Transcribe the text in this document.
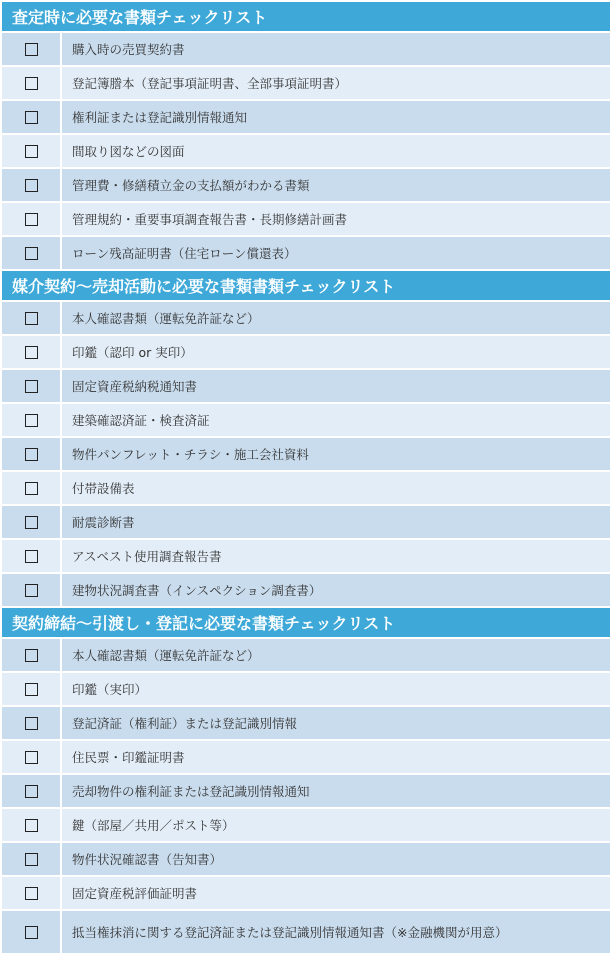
査定時に必要な書類チェックリスト
購入時の売買契約書
登記簿謄本（登記事項証明書、全部事項証明書）
権利証または登記識別情報通知
間取り図などの図面
管理費・修繕積立金の支払額がわかる書類
管理規約・重要事項調査報告書・長期修繕計画書
ローン残高証明書（住宅ローン償還表）
媒介契約～売却活動に必要な書類書類チェックリスト
本人確認書類（運転免許証など）
印鑑（認印 or 実印）
固定資産税納税通知書
建築確認済証・検査済証
物件パンフレット・チラシ・施工会社資料
付帯設備表
耐震診断書
アスベスト使用調査報告書
建物状況調査書（インスペクション調査書）
契約締結～引渡し・登記に必要な書類チェックリスト
本人確認書類（運転免許証など）
印鑑（実印）
登記済証（権利証）または登記識別情報
住民票・印鑑証明書
売却物件の権利証または登記識別情報通知
鍵（部屋／共用／ポスト等）
物件状況確認書（告知書）
固定資産税評価証明書
抵当権抹消に関する登記済証または登記識別情報通知書（※金融機関が用意）
